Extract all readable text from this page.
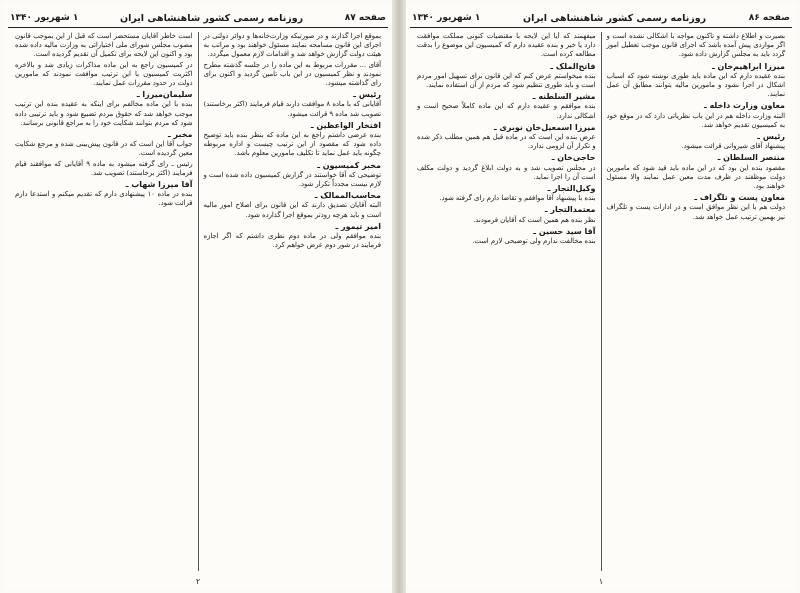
صفحه ۸۷
روزنامه رسمی کشور شاهنشاهی ایران
۱ شهریور ۱۳۴۰

بموقع اجرا گذارند و در صورتیکه وزارت‌خانه‌ها و دوائر دولتی در اجرای این قانون مسامحه نمایند مسئول خواهند بود و مراتب به هیئت دولت گزارش خواهد شد و اقدامات لازم معمول میگردد.

آقای ... مقررات مربوط به این ماده را در جلسه گذشته مطرح نمودند و نظر کمیسیون در این باب تامین گردید و اکنون برای رای گذاشته میشود.

رئیس ـ

آقایانی که با ماده ۸ موافقت دارند قیام فرمایند (اکثر برخاستند) تصویب شد ماده ۹ قرائت میشود.

افتخار الواعظین ـ

بنده عرضی داشتم راجع به این ماده که بنظر بنده باید توضیح داده شود که مقصود از این ترتیب چیست و اداره مربوطه چگونه باید عمل نماید تا تکلیف مامورین معلوم باشد.

مخبر کمیسیون ـ

توضیحی که آقا خواستند در گزارش کمیسیون داده شده است و لازم نیست مجدداً تکرار شود.

محاسب‌الممالک ـ

البته آقایان تصدیق دارند که این قانون برای اصلاح امور مالیه است و باید هرچه زودتر بموقع اجرا گذارده شود.

امیر تیمور ـ

بنده موافقم ولی در ماده دوم نظری داشتم که اگر اجازه فرمایند در شور دوم عرض خواهم کرد.

است خاطر آقایان مستحضر است که قبل از این بموجب قانون مصوب مجلس شورای ملی اختیاراتی به وزارت مالیه داده شده بود و اکنون این لایحه برای تکمیل آن تقدیم گردیده است.

در کمیسیون راجع به این ماده مذاکرات زیادی شد و بالاخره اکثریت کمیسیون با این ترتیب موافقت نمودند که مامورین دولت در حدود مقررات عمل نمایند.

سلیمان‌میرزا ـ

بنده با این ماده مخالفم برای اینکه به عقیده بنده این ترتیب موجب خواهد شد که حقوق مردم تضییع شود و باید ترتیبی داده شود که مردم بتوانند شکایت خود را به مراجع قانونی برسانند.

مخبر ـ

جواب آقا این است که در قانون پیش‌بینی شده و مرجع شکایت معین گردیده است.

رئیس ـ رای گرفته میشود به ماده ۹ آقایانی که موافقند قیام فرمایند (اکثر برخاستند) تصویب شد.

آقا میرزا شهاب ـ

بنده در ماده ۱۰ پیشنهادی دارم که تقدیم میکنم و استدعا دارم قرائت شود.

۲
صفحه ۸۶
روزنامه رسمی کشور شاهنشاهی ایران
۱ شهریور ۱۳۴۰

بصیرت و اطلاع داشته و تاکنون مواجه با اشکالی نشده است و اگر مواردی پیش آمده باشد که اجرای قانون موجب تعطیل امور گردد باید به مجلس گزارش داده شود.

میرزا ابراهیم‌خان ـ

بنده عقیده دارم که این ماده باید طوری نوشته شود که اسباب اشکال در اجرا نشود و مامورین مالیه بتوانند مطابق آن عمل نمایند.

معاون وزارت داخله ـ

البته وزارت داخله هم در این باب نظریاتی دارد که در موقع خود به کمیسیون تقدیم خواهد شد.

رئیس ـ

پیشنهاد آقای شیروانی قرائت میشود.

منتصر السلطان ـ

مقصود بنده این بود که در این ماده باید قید شود که مامورین دولت موظفند در ظرف مدت معین عمل نمایند والا مسئول خواهند بود.

معاون پست و تلگراف ـ

دولت هم با این نظر موافق است و در ادارات پست و تلگراف نیز بهمین ترتیب عمل خواهد شد.

میفهمند که آیا این لایحه با مقتضیات کنونی مملکت موافقت دارد یا خیر و بنده عقیده دارم که کمیسیون این موضوع را بدقت مطالعه کرده است.

فاتح‌الملک ـ

بنده میخواستم عرض کنم که این قانون برای تسهیل امور مردم است و باید طوری تنظیم شود که مردم از آن استفاده نمایند.

مشیر السلطنه ـ

بنده موافقم و عقیده دارم که این ماده کاملاً صحیح است و اشکالی ندارد.

میرزا اسمعیل‌خان نوبری ـ

عرض بنده این است که در ماده قبل هم همین مطلب ذکر شده و تکرار آن لزومی ندارد.

حاجی‌خان ـ

در مجلس تصویب شد و به دولت ابلاغ گردید و دولت مکلف است آن را اجرا نماید.

وکیل‌التجار ـ

بنده با پیشنهاد آقا موافقم و تقاضا دارم رای گرفته شود.

معتمدالتجار ـ

نظر بنده هم همین است که آقایان فرمودند.

آقا سید حسین ـ

بنده مخالفت ندارم ولی توضیحی لازم است.

۱
